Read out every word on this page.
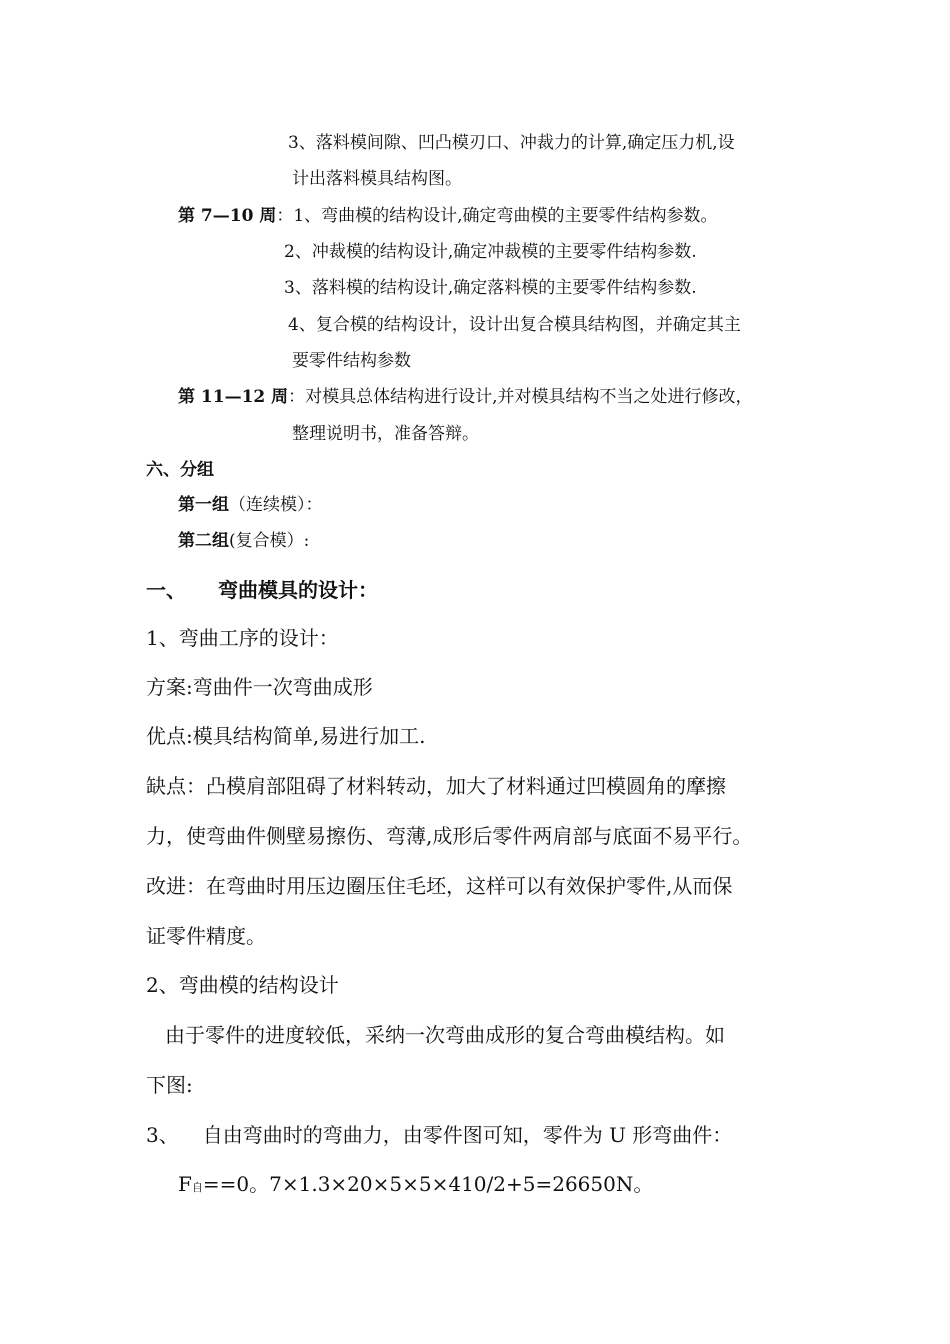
3、落料模间隙、凹凸模刃口、冲裁力的计算,确定压力机,设
计出落料模具结构图。
第 7—10 周：1、弯曲模的结构设计,确定弯曲模的主要零件结构参数。
2、冲裁模的结构设计,确定冲裁模的主要零件结构参数.
3、落料模的结构设计,确定落料模的主要零件结构参数.
4、复合模的结构设计，设计出复合模具结构图，并确定其主
要零件结构参数
第 11—12 周：对模具总体结构进行设计,并对模具结构不当之处进行修改，
整理说明书，准备答辩。
六、分组
第一组（连续模）：
第二组(复合模）:
一、 弯曲模具的设计：
1、弯曲工序的设计：
方案:弯曲件一次弯曲成形
优点:模具结构简单,易进行加工.
缺点：凸模肩部阻碍了材料转动，加大了材料通过凹模圆角的摩擦
力，使弯曲件侧壁易擦伤、弯薄,成形后零件两肩部与底面不易平行。
改进：在弯曲时用压边圈压住毛坯，这样可以有效保护零件,从而保
证零件精度。
2、弯曲模的结构设计
由于零件的进度较低，采纳一次弯曲成形的复合弯曲模结构。如
下图:
3、 自由弯曲时的弯曲力，由零件图可知，零件为 U 形弯曲件：
F自==0。7×1.3×20×5×5×410/2+5=26650N。
